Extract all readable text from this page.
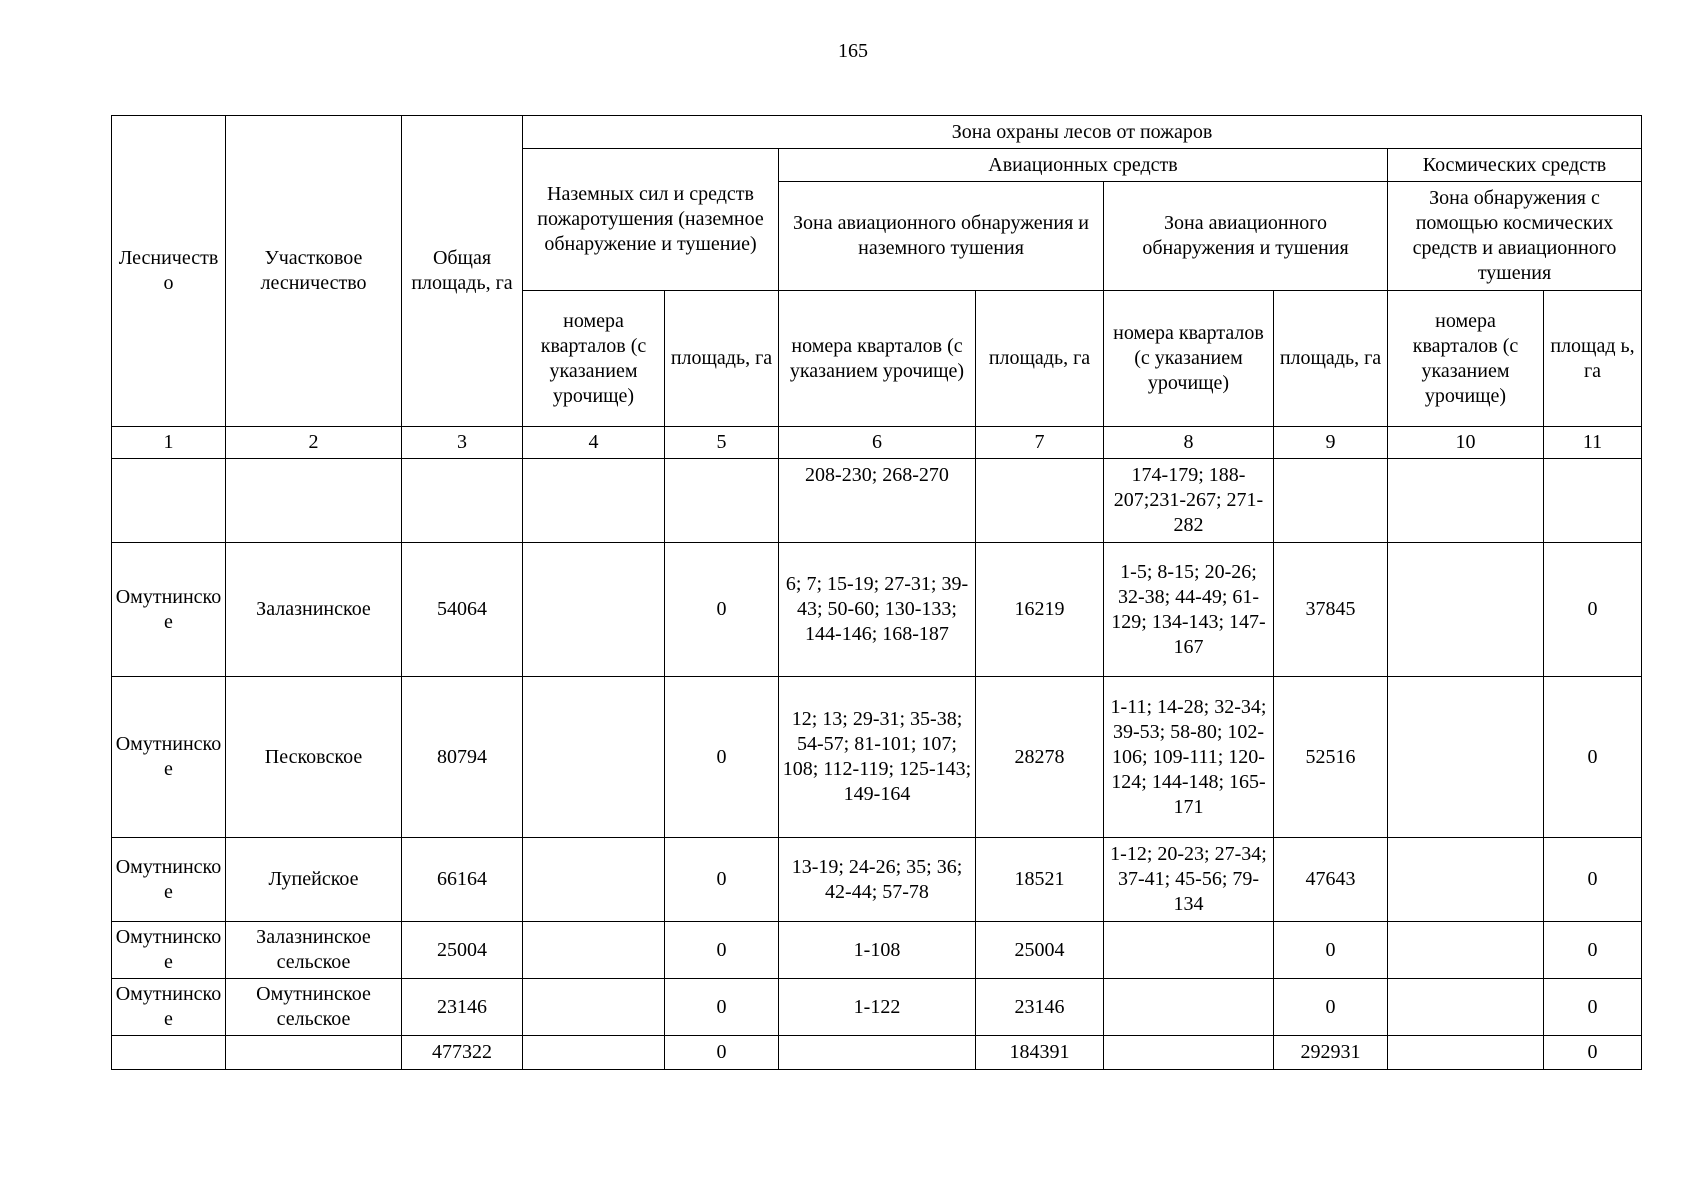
165
Лесничество	Участковое лесничество	Общая площадь, га	Зона охраны лесов от пожаров							
			Наземных сил и средств пожаротушения (наземное обнаружение и тушение)		Авиационных средств				Космических средств	
					Зона авиационного обнаружения и наземного тушения		Зона авиационного обнаружения и тушения		Зона обнаружения с помощью космических средств и авиационного тушения	
			номера кварталов (с указанием урочище)	площадь, га	номера кварталов (с указанием урочище)	площадь, га	номера кварталов (с указанием урочище)	площадь, га	номера кварталов (с указанием урочище)	площад ь, га
1	2	3	4	5	6	7	8	9	10	11
					208-230; 268-270		174-179; 188-207;231-267; 271-282			
Омутнинское	Залазнинское	54064		0	6; 7; 15-19; 27-31; 39-43; 50-60; 130-133; 144-146; 168-187	16219	1-5; 8-15; 20-26; 32-38; 44-49; 61-129; 134-143; 147-167	37845		0
Омутнинское	Песковское	80794		0	12; 13; 29-31; 35-38; 54-57; 81-101; 107; 108; 112-119; 125-143; 149-164	28278	1-11; 14-28; 32-34; 39-53; 58-80; 102-106; 109-111; 120-124; 144-148; 165-171	52516		0
Омутнинское	Лупейское	66164		0	13-19; 24-26; 35; 36; 42-44; 57-78	18521	1-12; 20-23; 27-34; 37-41; 45-56; 79-134	47643		0
Омутнинское	Залазнинское сельское	25004		0	1-108	25004		0		0
Омутнинское	Омутнинское сельское	23146		0	1-122	23146		0		0
		477322		0		184391		292931		0
